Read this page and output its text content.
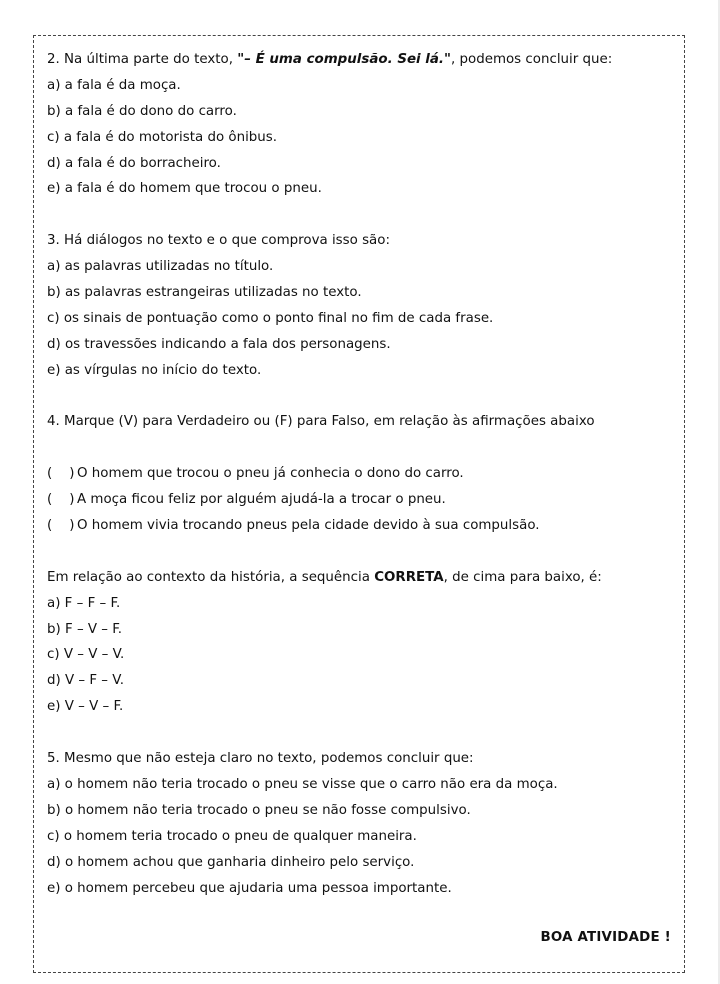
2. Na última parte do texto, "– É uma compulsão. Sei lá.", podemos concluir que:
a) a fala é da moça.
b) a fala é do dono do carro.
c) a fala é do motorista do ônibus.
d) a fala é do borracheiro.
e) a fala é do homem que trocou o pneu.
3. Há diálogos no texto e o que comprova isso são:
a) as palavras utilizadas no título.
b) as palavras estrangeiras utilizadas no texto.
c) os sinais de pontuação como o ponto final no fim de cada frase.
d) os travessões indicando a fala dos personagens.
e) as vírgulas no início do texto.
4. Marque (V) para Verdadeiro ou (F) para Falso, em relação às afirmações abaixo
( ) O homem que trocou o pneu já conhecia o dono do carro.
( ) A moça ficou feliz por alguém ajudá-la a trocar o pneu.
( ) O homem vivia trocando pneus pela cidade devido à sua compulsão.
Em relação ao contexto da história, a sequência CORRETA, de cima para baixo, é:
a) F – F – F.
b) F – V – F.
c) V – V – V.
d) V – F – V.
e) V – V – F.
5. Mesmo que não esteja claro no texto, podemos concluir que:
a) o homem não teria trocado o pneu se visse que o carro não era da moça.
b) o homem não teria trocado o pneu se não fosse compulsivo.
c) o homem teria trocado o pneu de qualquer maneira.
d) o homem achou que ganharia dinheiro pelo serviço.
e) o homem percebeu que ajudaria uma pessoa importante.
BOA ATIVIDADE !
